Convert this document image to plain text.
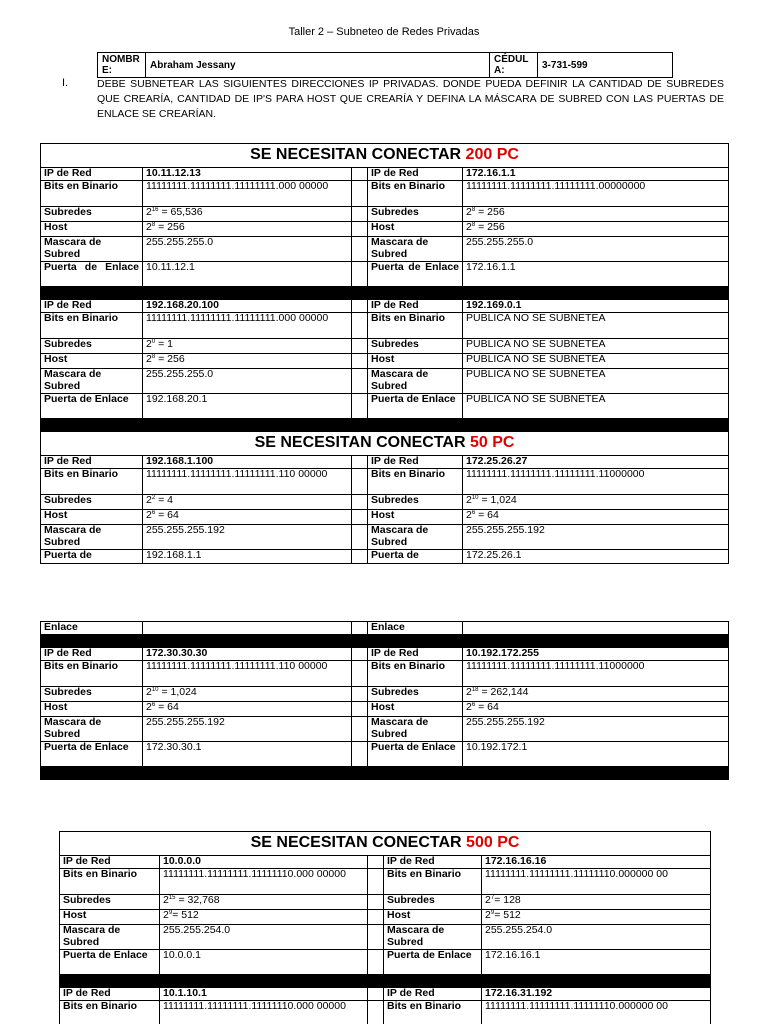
Taller 2 – Subneteo de Redes Privadas
NOMBR E:	Abraham Jessany	CÉDUL A:	3-731-599
I.	DEBE SUBNETEAR LAS SIGUIENTES DIRECCIONES IP PRIVADAS. DONDE PUEDA DEFINIR LA CANTIDAD DE SUBREDES QUE CREARÍA, CANTIDAD DE IP'S PARA HOST QUE CREARÍA Y DEFINA LA MÁSCARA DE SUBRED CON LAS PUERTAS DE ENLACE SE CREARÍAN.
SE NECESITAN CONECTAR 200 PC				
IP de Red	10.11.12.13		IP de Red	172.16.1.1
Bits en Binario	11111111.11111111.11111111.000 00000		Bits en Binario	11111111.11111111.11111111.00000000
Subredes	$2^{16} = 65,536$		Subredes	$2^8 = 256$
Host	$2^8 = 256$		Host	$2^8 = 256$
Mascara de Subred	255.255.255.0		Mascara de Subred	255.255.255.0
Puerta de Enlace	10.11.12.1		Puerta de Enlace	172.16.1.1

IP de Red	192.168.20.100		IP de Red	192.169.0.1
Bits en Binario	11111111.11111111.11111111.000 00000		Bits en Binario	PUBLICA NO SE SUBNETEA
Subredes	$2^0 = 1$		Subredes	PUBLICA NO SE SUBNETEA
Host	$2^8 = 256$		Host	PUBLICA NO SE SUBNETEA
Mascara de Subred	255.255.255.0		Mascara de Subred	PUBLICA NO SE SUBNETEA
Puerta de Enlace	192.168.20.1		Puerta de Enlace	PUBLICA NO SE SUBNETEA

SE NECESITAN CONECTAR 50 PC				
IP de Red	192.168.1.100		IP de Red	172.25.26.27
Bits en Binario	11111111.11111111.11111111.110 00000		Bits en Binario	11111111.11111111.11111111.11000000
Subredes	$2^2 = 4$		Subredes	$2^{10} = 1,024$
Host	$2^6 = 64$		Host	$2^6 = 64$
Mascara de Subred	255.255.255.192		Mascara de Subred	255.255.255.192
Puerta de	192.168.1.1		Puerta de	172.25.26.1
Enlace			Enlace	

IP de Red	172.30.30.30		IP de Red	10.192.172.255
Bits en Binario	11111111.11111111.11111111.110 00000		Bits en Binario	11111111.11111111.11111111.11000000
Subredes	$2^{10} = 1,024$		Subredes	$2^{18} = 262,144$
Host	$2^6 = 64$		Host	$2^6 = 64$
Mascara de Subred	255.255.255.192		Mascara de Subred	255.255.255.192
Puerta de Enlace	172.30.30.1		Puerta de Enlace	10.192.172.1

SE NECESITAN CONECTAR 500 PC				
IP de Red	10.0.0.0		IP de Red	172.16.16.16
Bits en Binario	11111111.11111111.11111110.000 00000		Bits en Binario	11111111.11111111.11111110.000000 00
Subredes	$2^{15} = 32,768$		Subredes	$2^7= 128$
Host	$2^9= 512$		Host	$2^9= 512$
Mascara de Subred	255.255.254.0		Mascara de Subred	255.255.254.0
Puerta de Enlace	10.0.0.1		Puerta de Enlace	172.16.16.1

IP de Red	10.1.10.1		IP de Red	172.16.31.192
Bits en Binario	11111111.11111111.11111110.000 00000		Bits en Binario	11111111.11111111.11111110.000000 00
